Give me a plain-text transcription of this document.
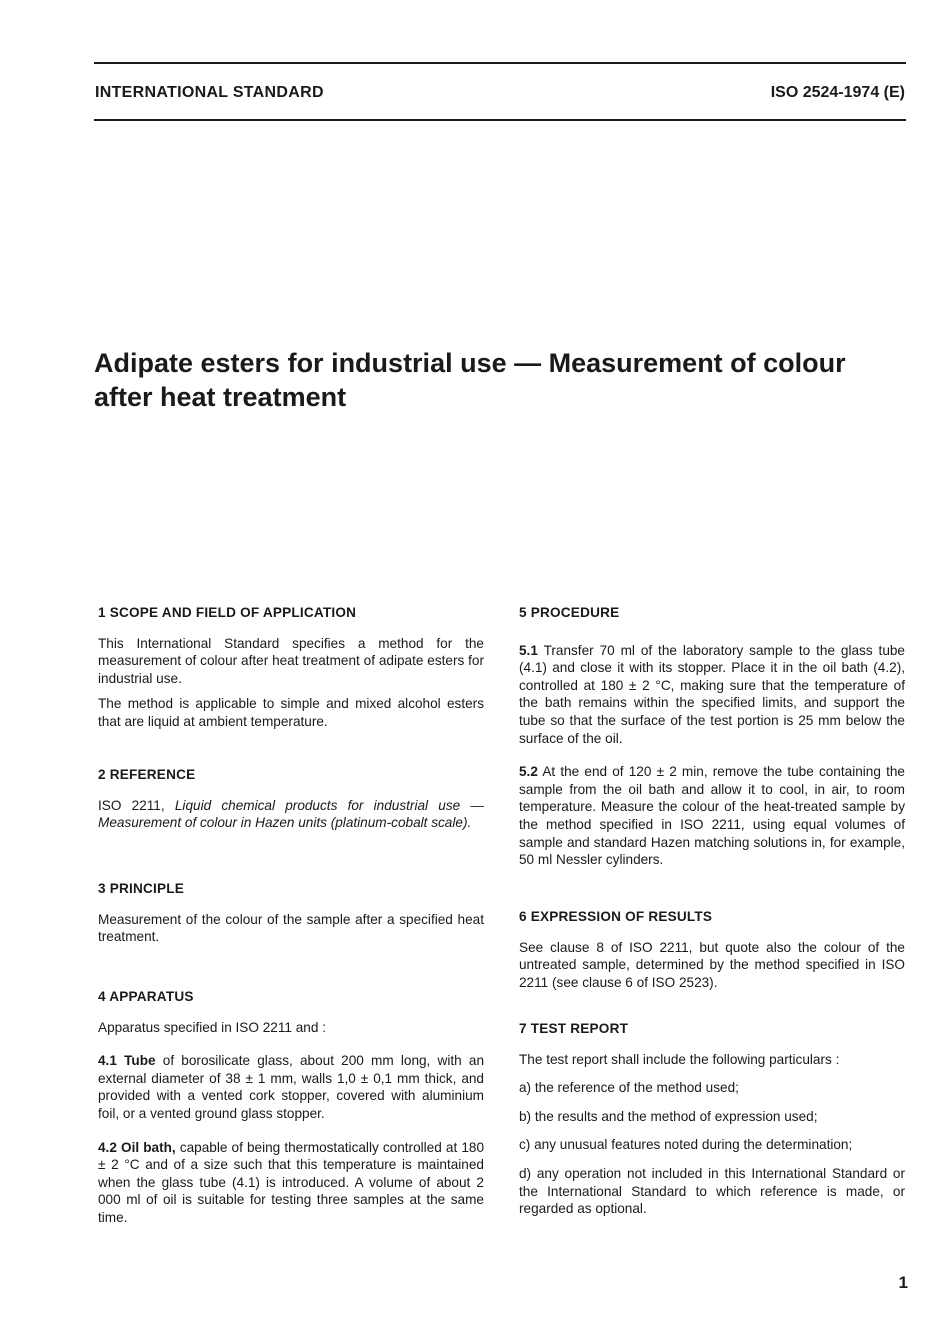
INTERNATIONAL STANDARD	ISO 2524-1974 (E)
Adipate esters for industrial use — Measurement of colour
after heat treatment
1 SCOPE AND FIELD OF APPLICATION

This International Standard specifies a method for the measurement of colour after heat treatment of adipate esters for industrial use.

The method is applicable to simple and mixed alcohol esters that are liquid at ambient temperature.

2 REFERENCE

ISO 2211, Liquid chemical products for industrial use — Measurement of colour in Hazen units (platinum-cobalt scale).

3 PRINCIPLE

Measurement of the colour of the sample after a specified heat treatment.

4 APPARATUS

Apparatus specified in ISO 2211 and :

4.1 Tube of borosilicate glass, about 200 mm long, with an external diameter of 38 ± 1 mm, walls 1,0 ± 0,1 mm thick, and provided with a vented cork stopper, covered with aluminium foil, or a vented ground glass stopper.

4.2 Oil bath, capable of being thermostatically controlled at 180 ± 2 °C and of a size such that this temperature is maintained when the glass tube (4.1) is introduced. A volume of about 2 000 ml of oil is suitable for testing three samples at the same time.

5 PROCEDURE

5.1 Transfer 70 ml of the laboratory sample to the glass tube (4.1) and close it with its stopper. Place it in the oil bath (4.2), controlled at 180 ± 2 °C, making sure that the temperature of the bath remains within the specified limits, and support the tube so that the surface of the test portion is 25 mm below the surface of the oil.

5.2 At the end of 120 ± 2 min, remove the tube containing the sample from the oil bath and allow it to cool, in air, to room temperature. Measure the colour of the heat-treated sample by the method specified in ISO 2211, using equal volumes of sample and standard Hazen matching solutions in, for example, 50 ml Nessler cylinders.

6 EXPRESSION OF RESULTS

See clause 8 of ISO 2211, but quote also the colour of the untreated sample, determined by the method specified in ISO 2211 (see clause 6 of ISO 2523).

7 TEST REPORT

The test report shall include the following particulars :

a) the reference of the method used;

b) the results and the method of expression used;

c) any unusual features noted during the determination;

d) any operation not included in this International Standard or the International Standard to which reference is made, or regarded as optional.

1
